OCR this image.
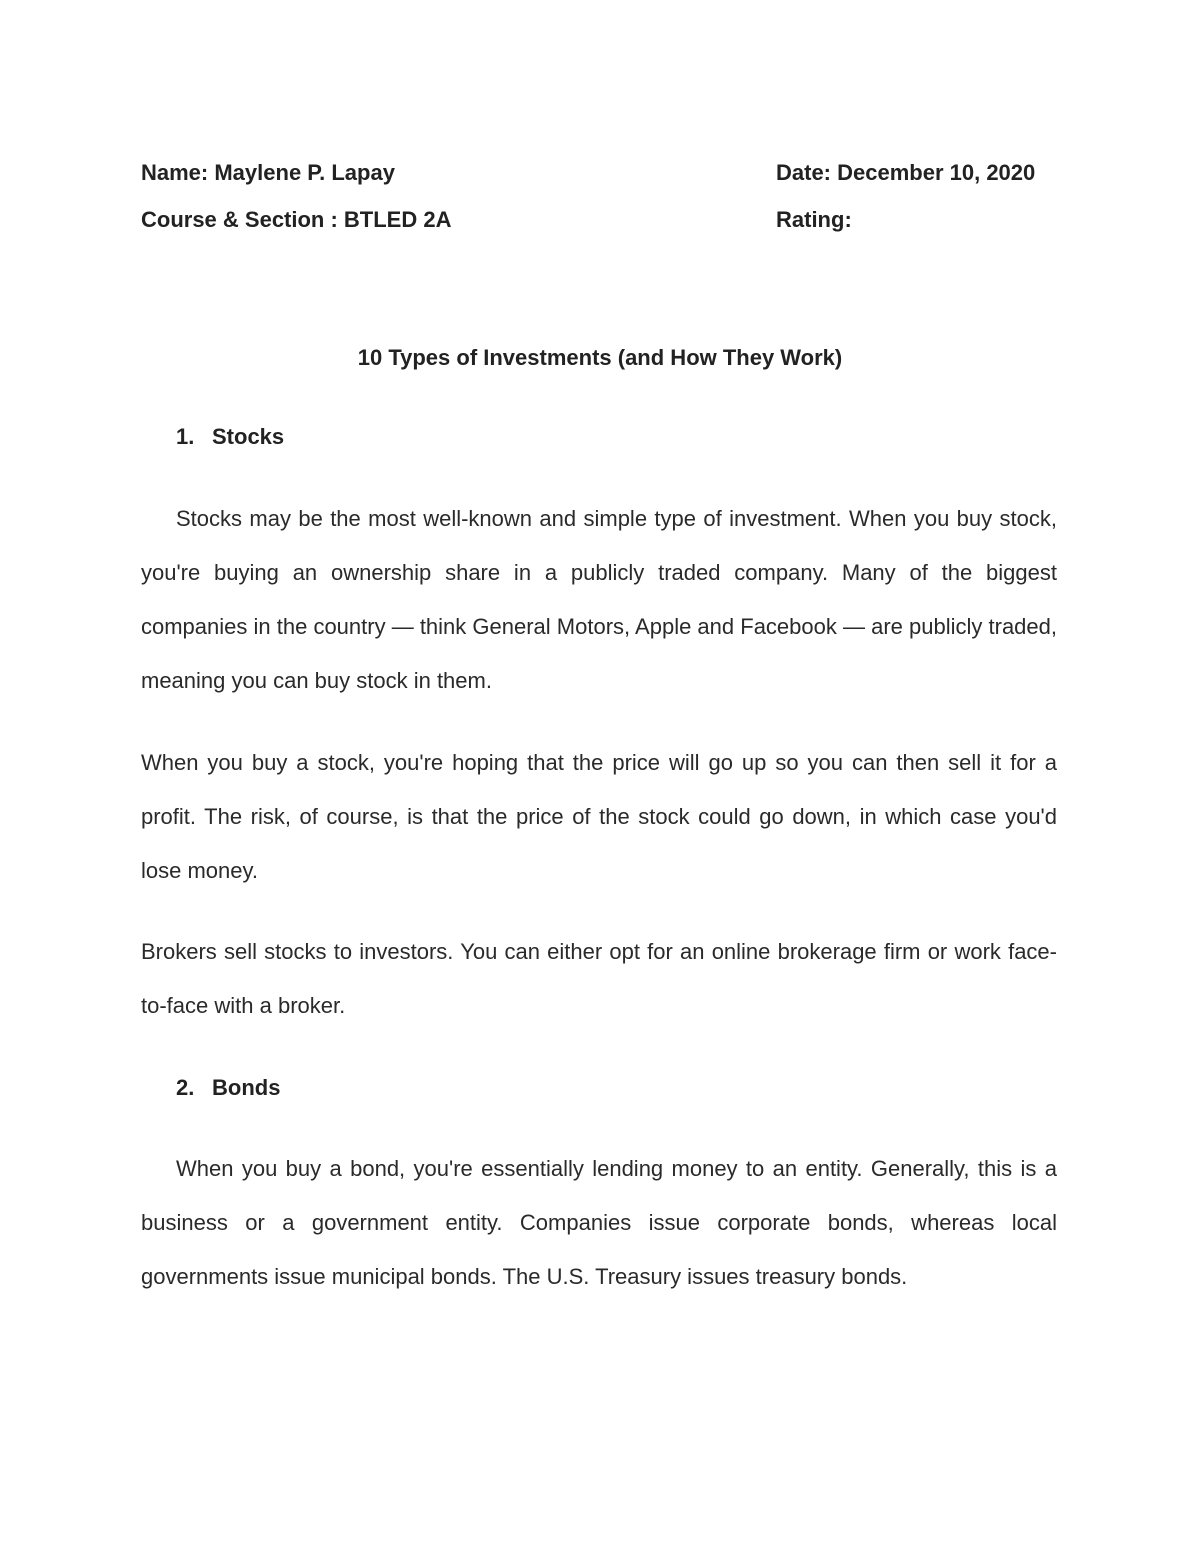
Name: Maylene P. Lapay	Date: December 10, 2020
Course & Section : BTLED 2A	Rating:
10 Types of Investments (and How They Work)
1. Stocks

Stocks may be the most well-known and simple type of investment. When you buy stock, you're buying an ownership share in a publicly traded company. Many of the biggest companies in the country — think General Motors, Apple and Facebook — are publicly traded, meaning you can buy stock in them.

When you buy a stock, you're hoping that the price will go up so you can then sell it for a profit. The risk, of course, is that the price of the stock could go down, in which case you'd lose money.

Brokers sell stocks to investors. You can either opt for an online brokerage firm or work face-to-face with a broker.

2. Bonds

When you buy a bond, you're essentially lending money to an entity. Generally, this is a business or a government entity. Companies issue corporate bonds, whereas local governments issue municipal bonds. The U.S. Treasury issues treasury bonds.
